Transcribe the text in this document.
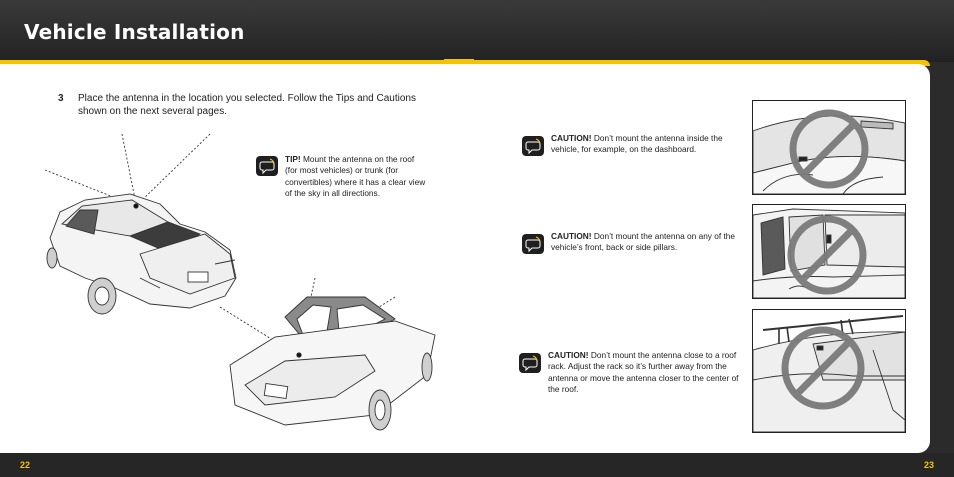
Vehicle Installation
3 Place the antenna in the location you selected. Follow the Tips and Cautions shown on the next several pages.
TIP! Mount the antenna on the roof (for most vehicles) or trunk (for convertibles) where it has a clear view of the sky in all directions.
CAUTION! Don’t mount the antenna inside the vehicle, for example, on the dashboard.
CAUTION! Don’t mount the antenna on any of the vehicle’s front, back or side pillars.
CAUTION! Don’t mount the antenna close to a roof rack. Adjust the rack so it’s further away from the antenna or move the antenna closer to the center of the roof.
22	23
